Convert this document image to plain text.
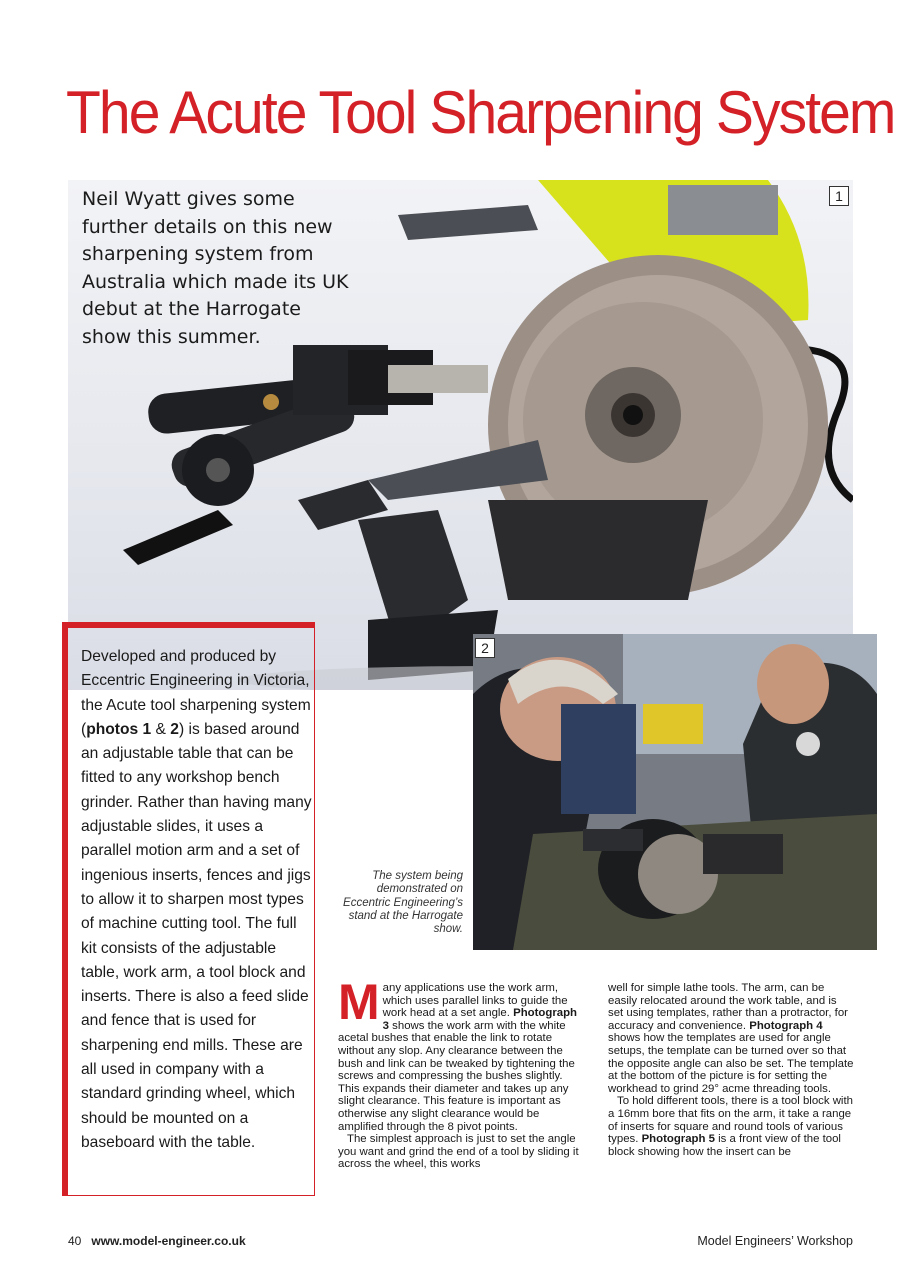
The Acute Tool Sharpening System
Neil Wyatt gives some further details on this new sharpening system from Australia which made its UK debut at the Harrogate show this summer.
1
Developed and produced by Eccentric Engineering in Victoria, the Acute tool sharpening system (photos 1 & 2) is based around an adjustable table that can be fitted to any workshop bench grinder. Rather than having many adjustable slides, it uses a parallel motion arm and a set of ingenious inserts, fences and jigs to allow it to sharpen most types of machine cutting tool. The full kit consists of the adjustable table, work arm, a tool block and inserts. There is also a feed slide and fence that is used for sharpening end mills. These are all used in company with a standard grinding wheel, which should be mounted on a baseboard with the table.
2
The system being demonstrated on Eccentric Engineering’s stand at the Harrogate show.
Many applications use the work arm, which uses parallel links to guide the work head at a set angle. Photograph 3 shows the work arm with the white acetal bushes that enable the link to rotate without any slop. Any clearance between the bush and link can be tweaked by tightening the screws and compressing the bushes slightly. This expands their diameter and takes up any slight clearance. This feature is important as otherwise any slight clearance would be amplified through the 8 pivot points.

The simplest approach is just to set the angle you want and grind the end of a tool by sliding it across the wheel, this works

well for simple lathe tools. The arm, can be easily relocated around the work table, and is set using templates, rather than a protractor, for accuracy and convenience. Photograph 4 shows how the templates are used for angle setups, the template can be turned over so that the opposite angle can also be set. The template at the bottom of the picture is for setting the workhead to grind 29° acme threading tools.

To hold different tools, there is a tool block with a 16mm bore that fits on the arm, it take a range of inserts for square and round tools of various types. Photograph 5 is a front view of the tool block showing how the insert can be

40 www.model-engineer.co.uk	Model Engineers’ Workshop
